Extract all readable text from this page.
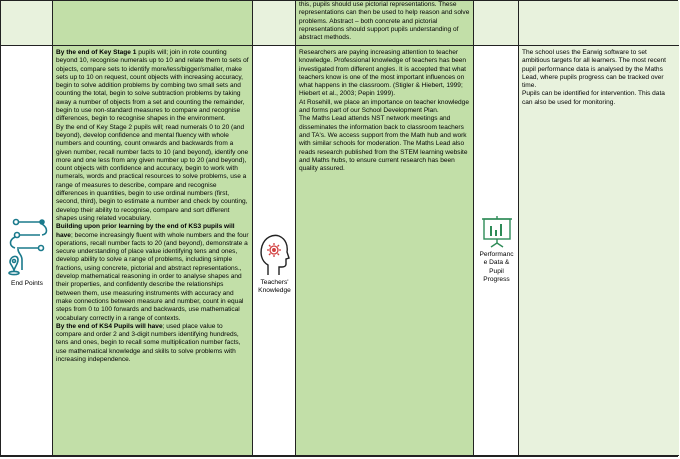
this, pupils should use pictorial representations. These representations can then be used to help reason and solve problems. Abstract – both concrete and pictorial representations should support pupils understanding of abstract methods.

End Points

By the end of Key Stage 1 pupils will; join in rote counting beyond 10, recognise numerals up to 10 and relate them to sets of objects, compare sets to identify more/less/bigger/smaller, make sets up to 10 on request, count objects with increasing accuracy, begin to solve addition problems by combing two small sets and counting the total, begin to solve subtraction problems by taking away a number of objects from a set and counting the remainder, begin to use non-standard measures to compare and recognise differences, begin to recognise shapes in the environment.

By the end of Key Stage 2 pupils will; read numerals 0 to 20 (and beyond), develop confidence and mental fluency with whole numbers and counting, count onwards and backwards from a given number, recall number facts to 10 (and beyond), identify one more and one less from any given number up to 20 (and beyond), count objects with confidence and accuracy, begin to work with numerals, words and practical resources to solve problems, use a range of measures to describe, compare and recognise differences in quantities, begin to use ordinal numbers (first, second, third), begin to estimate a number and check by counting, develop their ability to recognise, compare and sort different shapes using related vocabulary.

Building upon prior learning by the end of KS3 pupils will have; become increasingly fluent with whole numbers and the four operations, recall number facts to 20 (and beyond), demonstrate a secure understanding of place value identifying tens and ones, develop ability to solve a range of problems, including simple fractions, using concrete, pictorial and abstract representations., develop mathematical reasoning in order to analyse shapes and their properties, and confidently describe the relationships between them, use measuring instruments with accuracy and make connections between measure and number, count in equal steps from 0 to 100 forwards and backwards, use mathematical vocabulary correctly in a range of contexts.

By the end of KS4 Pupils will have; used place value to compare and order 2 and 3-digit numbers identifying hundreds, tens and ones, begin to recall some multiplication number facts, use mathematical knowledge and skills to solve problems with increasing independence.

Teachers'
Knowledge

Researchers are paying increasing attention to teacher knowledge. Professional knowledge of teachers has been investigated from different angles. It is accepted that what teachers know is one of the most important influences on what happens in the classroom. (Stigler & Hiebert, 1999; Hiebert et al., 2003; Pepin 1999).

At Rosehill, we place an importance on teacher knowledge and forms part of our School Development Plan.

The Maths Lead attends NST network meetings and disseminates the information back to classroom teachers and TA's. We access support from the Math hub and work with similar schools for moderation. The Maths Lead also reads research published from the STEM learning website and Maths hubs, to ensure current research has been quality assured.

Performanc
e Data &
Pupil
Progress

The school uses the Earwig software to set ambitious targets for all learners. The most recent pupil performance data is analysed by the Maths Lead, where pupils progress can be tracked over time.

Pupils can be identified for intervention. This data can also be used for monitoring.
